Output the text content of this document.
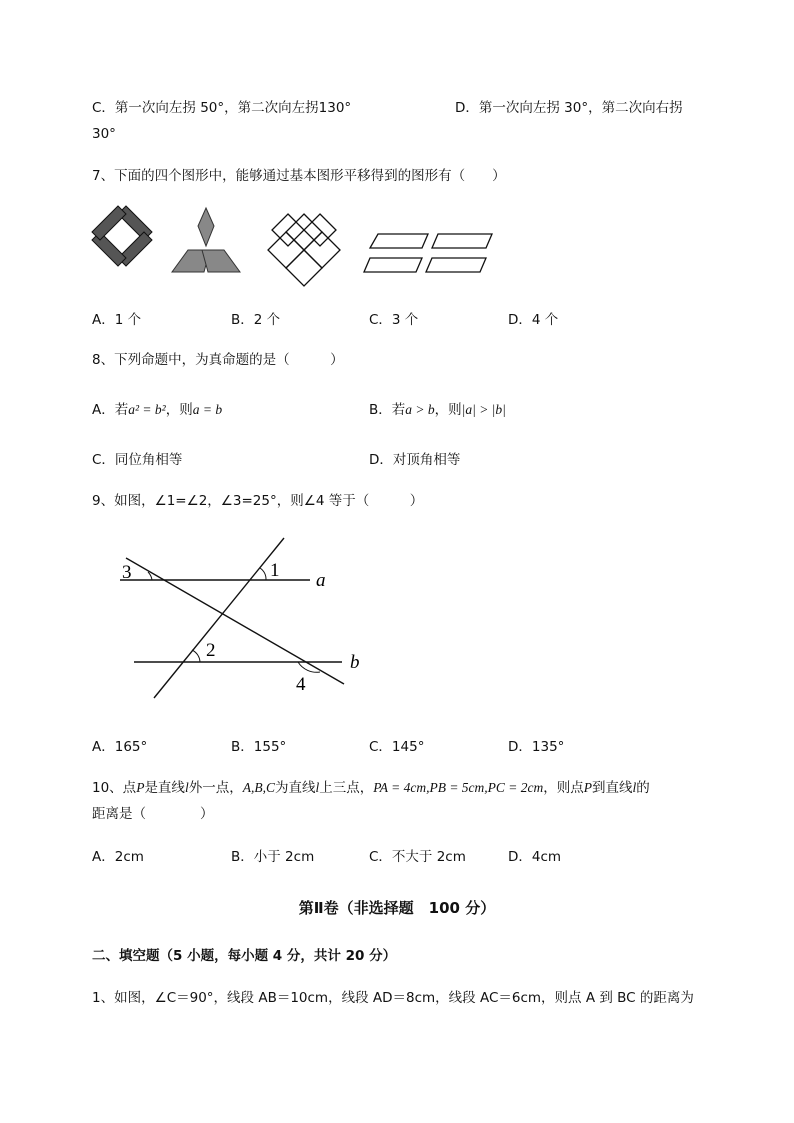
C．第一次向左拐 50°，第二次向左拐130°	D．第一次向左拐 30°，第二次向右拐
30°
7、下面的四个图形中，能够通过基本图形平移得到的图形有（　　）
A．1 个	B．2 个	C．3 个	D．4 个
8、下列命题中，为真命题的是（　　　）
A．若a² = b²，则a = b	B．若a > b，则|a| > |b|
C．同位角相等	D．对顶角相等
9、如图，∠1=∠2，∠3=25°，则∠4 等于（　　　）
3	1 a
2
b
4
A．165°	B．155°	C．145°	D．135°
10、点P是直线l外一点，A,B,C为直线l上三点，PA = 4cm,PB = 5cm,PC = 2cm，则点P到直线l的
距离是（　　　　）
A．2cm	B．小于 2cm	C．不大于 2cm	D．4cm
第Ⅱ卷（非选择题　100 分）
二、填空题（5 小题，每小题 4 分，共计 20 分）
1、如图，∠C＝90°，线段 AB＝10cm，线段 AD＝8cm，线段 AC＝6cm，则点 A 到 BC 的距离为
